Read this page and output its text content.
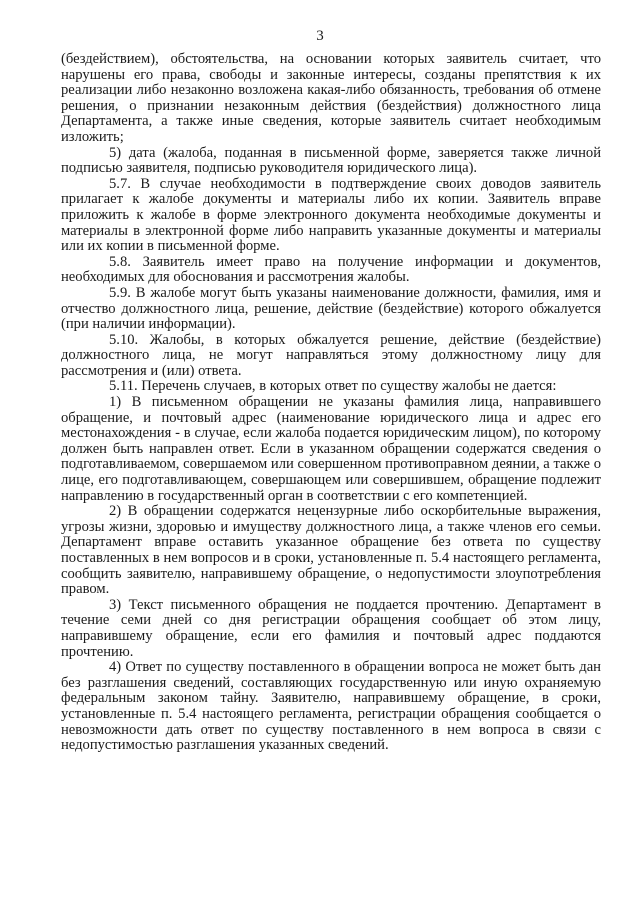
3

(бездействием), обстоятельства, на основании которых заявитель считает, что нарушены его права, свободы и законные интересы, созданы препятствия к их реализации либо незаконно возложена какая-либо обязанность, требования об отмене решения, о признании незаконным действия (бездействия) должностного лица Департамента, а также иные сведения, которые заявитель считает необходимым изложить;

5) дата (жалоба, поданная в письменной форме, заверяется также личной подписью заявителя, подписью руководителя юридического лица).

5.7. В случае необходимости в подтверждение своих доводов заявитель прилагает к жалобе документы и материалы либо их копии. Заявитель вправе приложить к жалобе в форме электронного документа необходимые документы и материалы в электронной форме либо направить указанные документы и материалы или их копии в письменной форме.

5.8. Заявитель имеет право на получение информации и документов, необходимых для обоснования и рассмотрения жалобы.

5.9. В жалобе могут быть указаны наименование должности, фамилия, имя и отчество должностного лица, решение, действие (бездействие) которого обжалуется (при наличии информации).

5.10. Жалобы, в которых обжалуется решение, действие (бездействие) должностного лица, не могут направляться этому должностному лицу для рассмотрения и (или) ответа.

5.11. Перечень случаев, в которых ответ по существу жалобы не дается:

1) В письменном обращении не указаны фамилия лица, направившего обращение, и почтовый адрес (наименование юридического лица и адрес его местонахождения - в случае, если жалоба подается юридическим лицом), по которому должен быть направлен ответ. Если в указанном обращении содержатся сведения о подготавливаемом, совершаемом или совершенном противоправном деянии, а также о лице, его подготавливающем, совершающем или совершившем, обращение подлежит направлению в государственный орган в соответствии с его компетенцией.

2) В обращении содержатся нецензурные либо оскорбительные выражения, угрозы жизни, здоровью и имуществу должностного лица, а также членов его семьи. Департамент вправе оставить указанное обращение без ответа по существу поставленных в нем вопросов и в сроки, установленные п. 5.4 настоящего регламента, сообщить заявителю, направившему обращение, о недопустимости злоупотребления правом.

3) Текст письменного обращения не поддается прочтению. Департамент в течение семи дней со дня регистрации обращения сообщает об этом лицу, направившему обращение, если его фамилия и почтовый адрес поддаются прочтению.

4) Ответ по существу поставленного в обращении вопроса не может быть дан без разглашения сведений, составляющих государственную или иную охраняемую федеральным законом тайну. Заявителю, направившему обращение, в сроки, установленные п. 5.4 настоящего регламента, регистрации обращения сообщается о невозможности дать ответ по существу поставленного в нем вопроса в связи с недопустимостью разглашения указанных сведений.
